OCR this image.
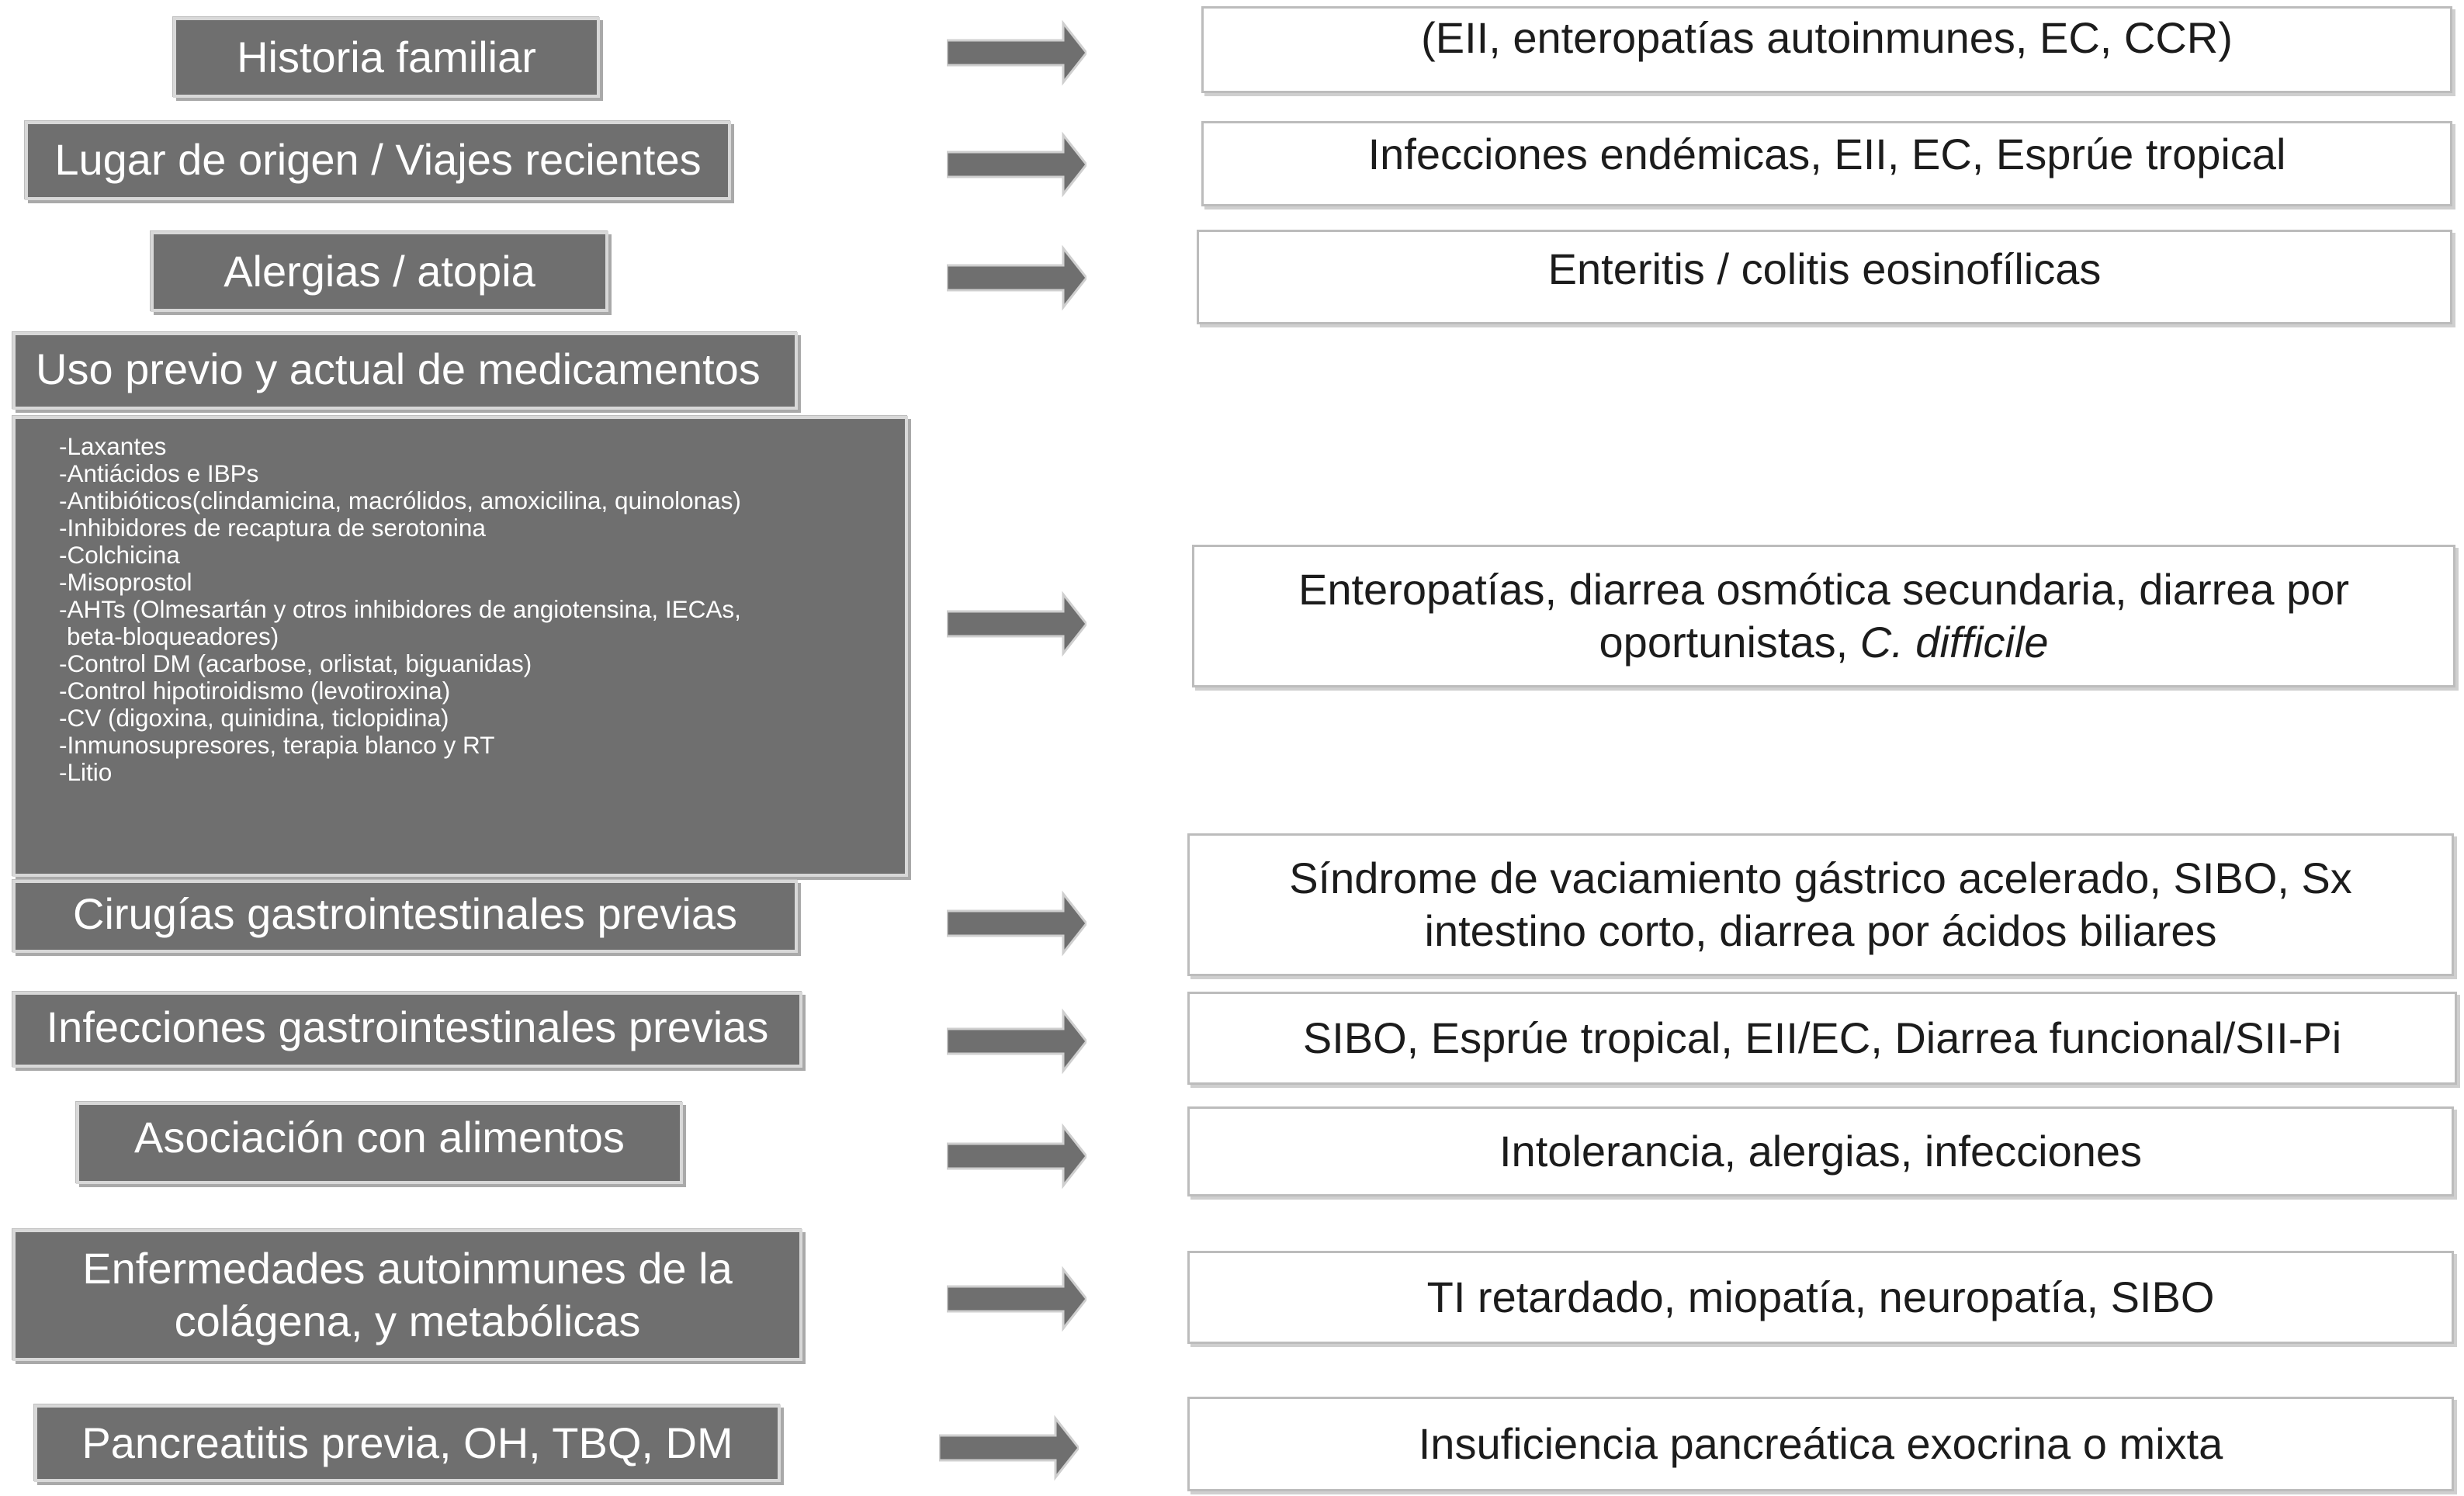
Historia familiar
Lugar de origen / Viajes recientes
Alergias / atopia
Uso previo y actual de medicamentos
-Laxantes
-Antiácidos e IBPs
-Antibióticos(clindamicina, macrólidos, amoxicilina, quinolonas)
-Inhibidores de recaptura de serotonina
-Colchicina
-Misoprostol
-AHTs (Olmesartán y otros inhibidores de angiotensina, IECAs,
beta-bloqueadores)
-Control DM (acarbose, orlistat, biguanidas)
-Control hipotiroidismo (levotiroxina)
-CV (digoxina, quinidina, ticlopidina)
-Inmunosupresores, terapia blanco y RT
-Litio
Cirugías gastrointestinales previas
Infecciones gastrointestinales previas
Asociación con alimentos
Enfermedades autoinmunes de la
colágena, y metabólicas
Pancreatitis previa, OH, TBQ, DM
(EII, enteropatías autoinmunes, EC, CCR)
Infecciones endémicas, EII, EC, Esprúe tropical
Enteritis / colitis eosinofílicas
Enteropatías, diarrea osmótica secundaria, diarrea por
oportunistas, C. difficile
Síndrome de vaciamiento gástrico acelerado, SIBO, Sx
intestino corto, diarrea por ácidos biliares
SIBO, Esprúe tropical, EII/EC, Diarrea funcional/SII-Pi
Intolerancia, alergias, infecciones
TI retardado, miopatía, neuropatía, SIBO
Insuficiencia pancreática exocrina o mixta
